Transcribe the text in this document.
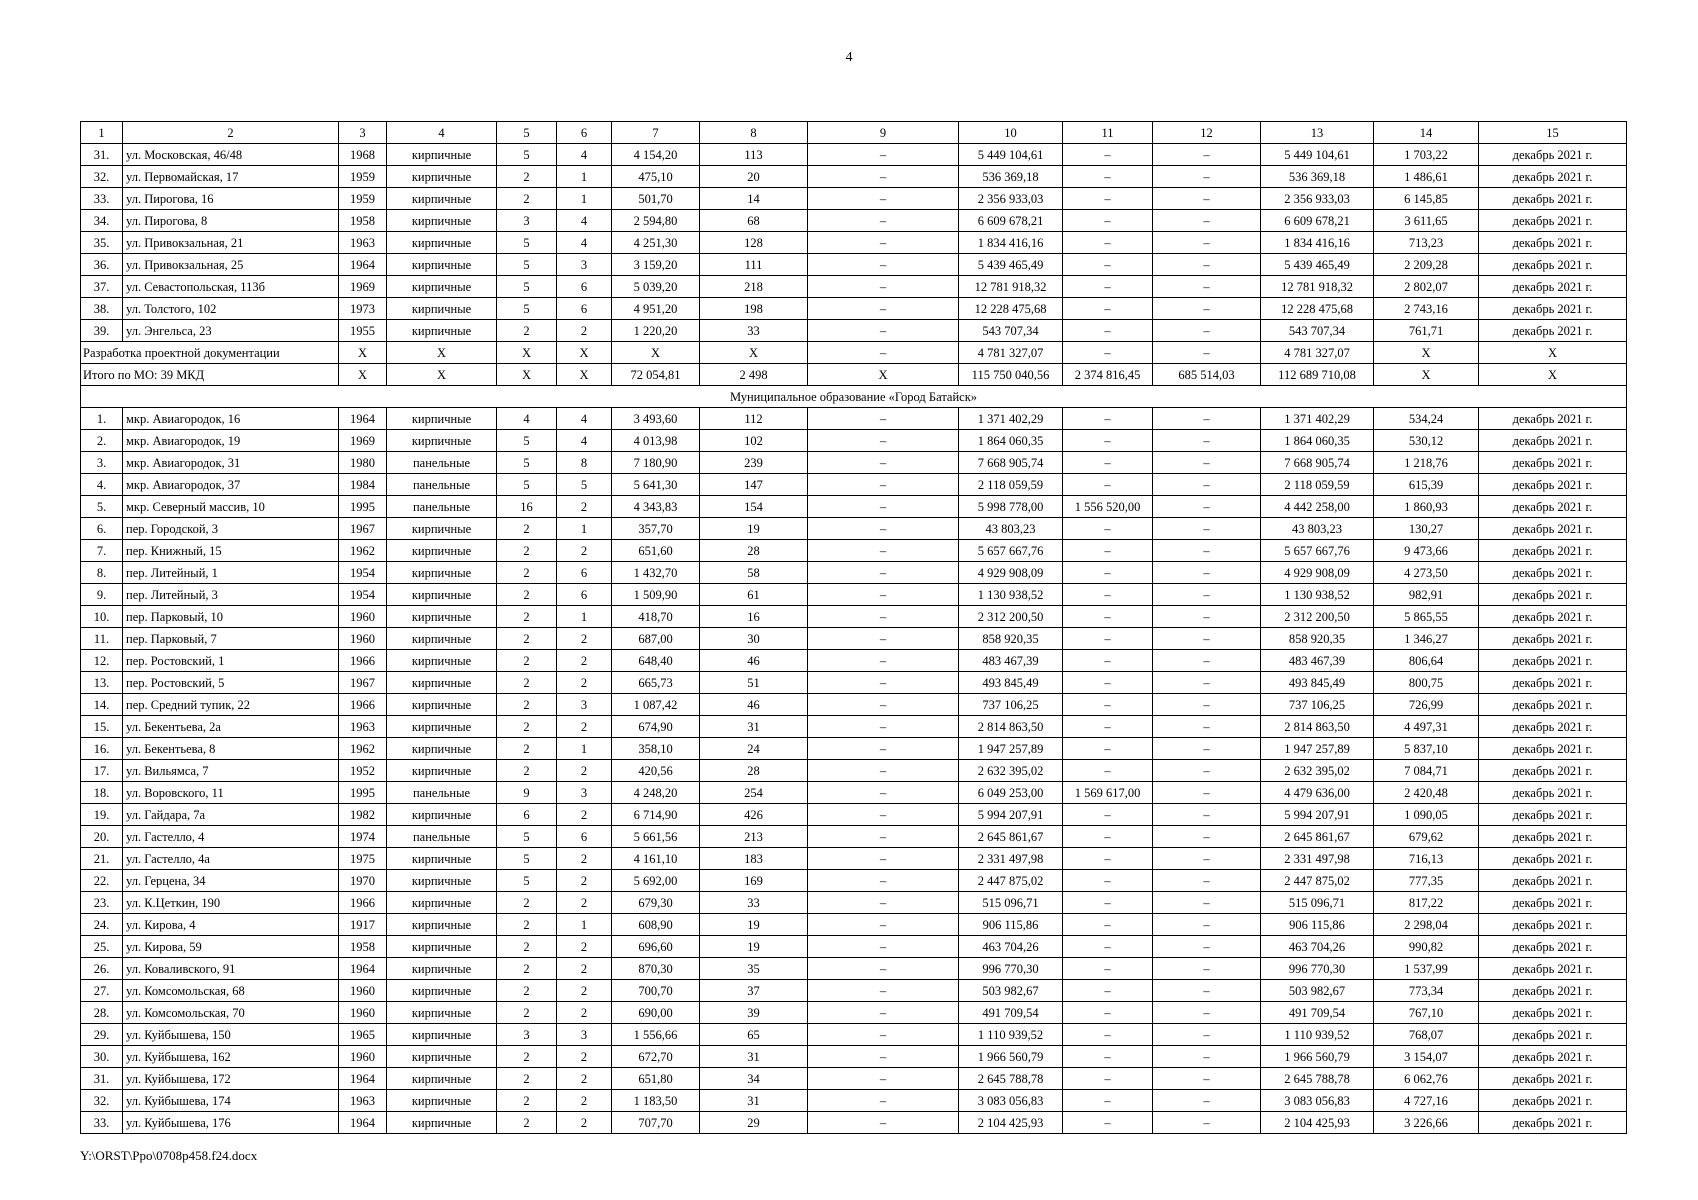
4
1	2	3	4	5	6	7	8	9	10	11	12	13	14	15
31.	ул. Московская, 46/48	1968	кирпичные	5	4	4 154,20	113	–	5 449 104,61	–	–	5 449 104,61	1 703,22	декабрь 2021 г.
32.	ул. Первомайская, 17	1959	кирпичные	2	1	475,10	20	–	536 369,18	–	–	536 369,18	1 486,61	декабрь 2021 г.
33.	ул. Пирогова, 16	1959	кирпичные	2	1	501,70	14	–	2 356 933,03	–	–	2 356 933,03	6 145,85	декабрь 2021 г.
34.	ул. Пирогова, 8	1958	кирпичные	3	4	2 594,80	68	–	6 609 678,21	–	–	6 609 678,21	3 611,65	декабрь 2021 г.
35.	ул. Привокзальная, 21	1963	кирпичные	5	4	4 251,30	128	–	1 834 416,16	–	–	1 834 416,16	713,23	декабрь 2021 г.
36.	ул. Привокзальная, 25	1964	кирпичные	5	3	3 159,20	111	–	5 439 465,49	–	–	5 439 465,49	2 209,28	декабрь 2021 г.
37.	ул. Севастопольская, 113б	1969	кирпичные	5	6	5 039,20	218	–	12 781 918,32	–	–	12 781 918,32	2 802,07	декабрь 2021 г.
38.	ул. Толстого, 102	1973	кирпичные	5	6	4 951,20	198	–	12 228 475,68	–	–	12 228 475,68	2 743,16	декабрь 2021 г.
39.	ул. Энгельса, 23	1955	кирпичные	2	2	1 220,20	33	–	543 707,34	–	–	543 707,34	761,71	декабрь 2021 г.
Разработка проектной документации		X	X	X	X	X	X	–	4 781 327,07	–	–	4 781 327,07	X	X
Итого по МО: 39 МКД		X	X	X	X	72 054,81	2 498	X	115 750 040,56	2 374 816,45	685 514,03	112 689 710,08	X	X
Муниципальное образование «Город Батайск»														
1.	мкр. Авиагородок, 16	1964	кирпичные	4	4	3 493,60	112	–	1 371 402,29	–	–	1 371 402,29	534,24	декабрь 2021 г.
2.	мкр. Авиагородок, 19	1969	кирпичные	5	4	4 013,98	102	–	1 864 060,35	–	–	1 864 060,35	530,12	декабрь 2021 г.
3.	мкр. Авиагородок, 31	1980	панельные	5	8	7 180,90	239	–	7 668 905,74	–	–	7 668 905,74	1 218,76	декабрь 2021 г.
4.	мкр. Авиагородок, 37	1984	панельные	5	5	5 641,30	147	–	2 118 059,59	–	–	2 118 059,59	615,39	декабрь 2021 г.
5.	мкр. Северный массив, 10	1995	панельные	16	2	4 343,83	154	–	5 998 778,00	1 556 520,00	–	4 442 258,00	1 860,93	декабрь 2021 г.
6.	пер. Городской, 3	1967	кирпичные	2	1	357,70	19	–	43 803,23	–	–	43 803,23	130,27	декабрь 2021 г.
7.	пер. Книжный, 15	1962	кирпичные	2	2	651,60	28	–	5 657 667,76	–	–	5 657 667,76	9 473,66	декабрь 2021 г.
8.	пер. Литейный, 1	1954	кирпичные	2	6	1 432,70	58	–	4 929 908,09	–	–	4 929 908,09	4 273,50	декабрь 2021 г.
9.	пер. Литейный, 3	1954	кирпичные	2	6	1 509,90	61	–	1 130 938,52	–	–	1 130 938,52	982,91	декабрь 2021 г.
10.	пер. Парковый, 10	1960	кирпичные	2	1	418,70	16	–	2 312 200,50	–	–	2 312 200,50	5 865,55	декабрь 2021 г.
11.	пер. Парковый, 7	1960	кирпичные	2	2	687,00	30	–	858 920,35	–	–	858 920,35	1 346,27	декабрь 2021 г.
12.	пер. Ростовский, 1	1966	кирпичные	2	2	648,40	46	–	483 467,39	–	–	483 467,39	806,64	декабрь 2021 г.
13.	пер. Ростовский, 5	1967	кирпичные	2	2	665,73	51	–	493 845,49	–	–	493 845,49	800,75	декабрь 2021 г.
14.	пер. Средний тупик, 22	1966	кирпичные	2	3	1 087,42	46	–	737 106,25	–	–	737 106,25	726,99	декабрь 2021 г.
15.	ул. Бекентьева, 2а	1963	кирпичные	2	2	674,90	31	–	2 814 863,50	–	–	2 814 863,50	4 497,31	декабрь 2021 г.
16.	ул. Бекентьева, 8	1962	кирпичные	2	1	358,10	24	–	1 947 257,89	–	–	1 947 257,89	5 837,10	декабрь 2021 г.
17.	ул. Вильямса, 7	1952	кирпичные	2	2	420,56	28	–	2 632 395,02	–	–	2 632 395,02	7 084,71	декабрь 2021 г.
18.	ул. Воровского, 11	1995	панельные	9	3	4 248,20	254	–	6 049 253,00	1 569 617,00	–	4 479 636,00	2 420,48	декабрь 2021 г.
19.	ул. Гайдара, 7а	1982	кирпичные	6	2	6 714,90	426	–	5 994 207,91	–	–	5 994 207,91	1 090,05	декабрь 2021 г.
20.	ул. Гастелло, 4	1974	панельные	5	6	5 661,56	213	–	2 645 861,67	–	–	2 645 861,67	679,62	декабрь 2021 г.
21.	ул. Гастелло, 4а	1975	кирпичные	5	2	4 161,10	183	–	2 331 497,98	–	–	2 331 497,98	716,13	декабрь 2021 г.
22.	ул. Герцена, 34	1970	кирпичные	5	2	5 692,00	169	–	2 447 875,02	–	–	2 447 875,02	777,35	декабрь 2021 г.
23.	ул. К.Цеткин, 190	1966	кирпичные	2	2	679,30	33	–	515 096,71	–	–	515 096,71	817,22	декабрь 2021 г.
24.	ул. Кирова, 4	1917	кирпичные	2	1	608,90	19	–	906 115,86	–	–	906 115,86	2 298,04	декабрь 2021 г.
25.	ул. Кирова, 59	1958	кирпичные	2	2	696,60	19	–	463 704,26	–	–	463 704,26	990,82	декабрь 2021 г.
26.	ул. Коваливского, 91	1964	кирпичные	2	2	870,30	35	–	996 770,30	–	–	996 770,30	1 537,99	декабрь 2021 г.
27.	ул. Комсомольская, 68	1960	кирпичные	2	2	700,70	37	–	503 982,67	–	–	503 982,67	773,34	декабрь 2021 г.
28.	ул. Комсомольская, 70	1960	кирпичные	2	2	690,00	39	–	491 709,54	–	–	491 709,54	767,10	декабрь 2021 г.
29.	ул. Куйбышева, 150	1965	кирпичные	3	3	1 556,66	65	–	1 110 939,52	–	–	1 110 939,52	768,07	декабрь 2021 г.
30.	ул. Куйбышева, 162	1960	кирпичные	2	2	672,70	31	–	1 966 560,79	–	–	1 966 560,79	3 154,07	декабрь 2021 г.
31.	ул. Куйбышева, 172	1964	кирпичные	2	2	651,80	34	–	2 645 788,78	–	–	2 645 788,78	6 062,76	декабрь 2021 г.
32.	ул. Куйбышева, 174	1963	кирпичные	2	2	1 183,50	31	–	3 083 056,83	–	–	3 083 056,83	4 727,16	декабрь 2021 г.
33.	ул. Куйбышева, 176	1964	кирпичные	2	2	707,70	29	–	2 104 425,93	–	–	2 104 425,93	3 226,66	декабрь 2021 г.
Y:\ORST\Ppo\0708p458.f24.docx
